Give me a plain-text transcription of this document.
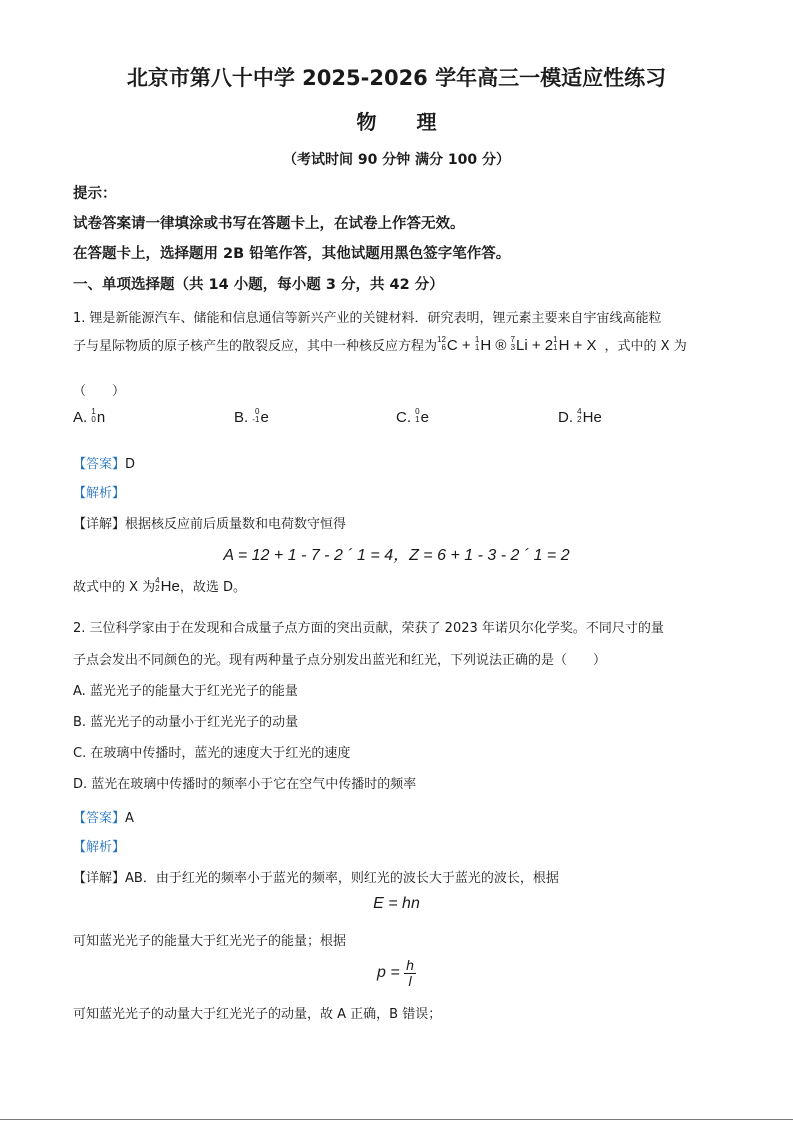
北京市第八十中学 2025-2026 学年高三一模适应性练习
物 理
（考试时间 90 分钟 满分 100 分）
提示：
试卷答案请一律填涂或书写在答题卡上，在试卷上作答无效。
在答题卡上，选择题用 2B 铅笔作答，其他试题用黑色签字笔作答。
一、单项选择题（共 14 小题，每小题 3 分，共 42 分）
1. 锂是新能源汽车、储能和信息通信等新兴产业的关键材料．研究表明，锂元素主要来自宇宙线高能粒
子与星际物质的原子核产生的散裂反应，其中一种核反应方程为 12
6 C + 1
1 H ® 7
3 Li + 2 1
1 H + X ，式中的 X 为
（　　）
A. 1
0 n	B. 0
-1 e	C. 0
1 e	D. 4
2 He
【答案】D
【解析】
【详解】根据核反应前后质量数和电荷数守恒得
A = 12 + 1 - 7 - 2 ´ 1 = 4，Z = 6 + 1 - 3 - 2 ´ 1 = 2
故式中的 X 为 4
2 He，故选 D。
2. 三位科学家由于在发现和合成量子点方面的突出贡献，荣获了 2023 年诺贝尔化学奖。不同尺寸的量
子点会发出不同颜色的光。现有两种量子点分别发出蓝光和红光，下列说法正确的是（　　）
A. 蓝光光子的能量大于红光光子的能量
B. 蓝光光子的动量小于红光光子的动量
C. 在玻璃中传播时，蓝光的速度大于红光的速度
D. 蓝光在玻璃中传播时的频率小于它在空气中传播时的频率
【答案】A
【解析】
【详解】AB．由于红光的频率小于蓝光的频率，则红光的波长大于蓝光的波长，根据
E = hn
可知蓝光光子的能量大于红光光子的能量；根据
$p = \frac{h}{l}$
可知蓝光光子的动量大于红光光子的动量，故 A 正确，B 错误；
